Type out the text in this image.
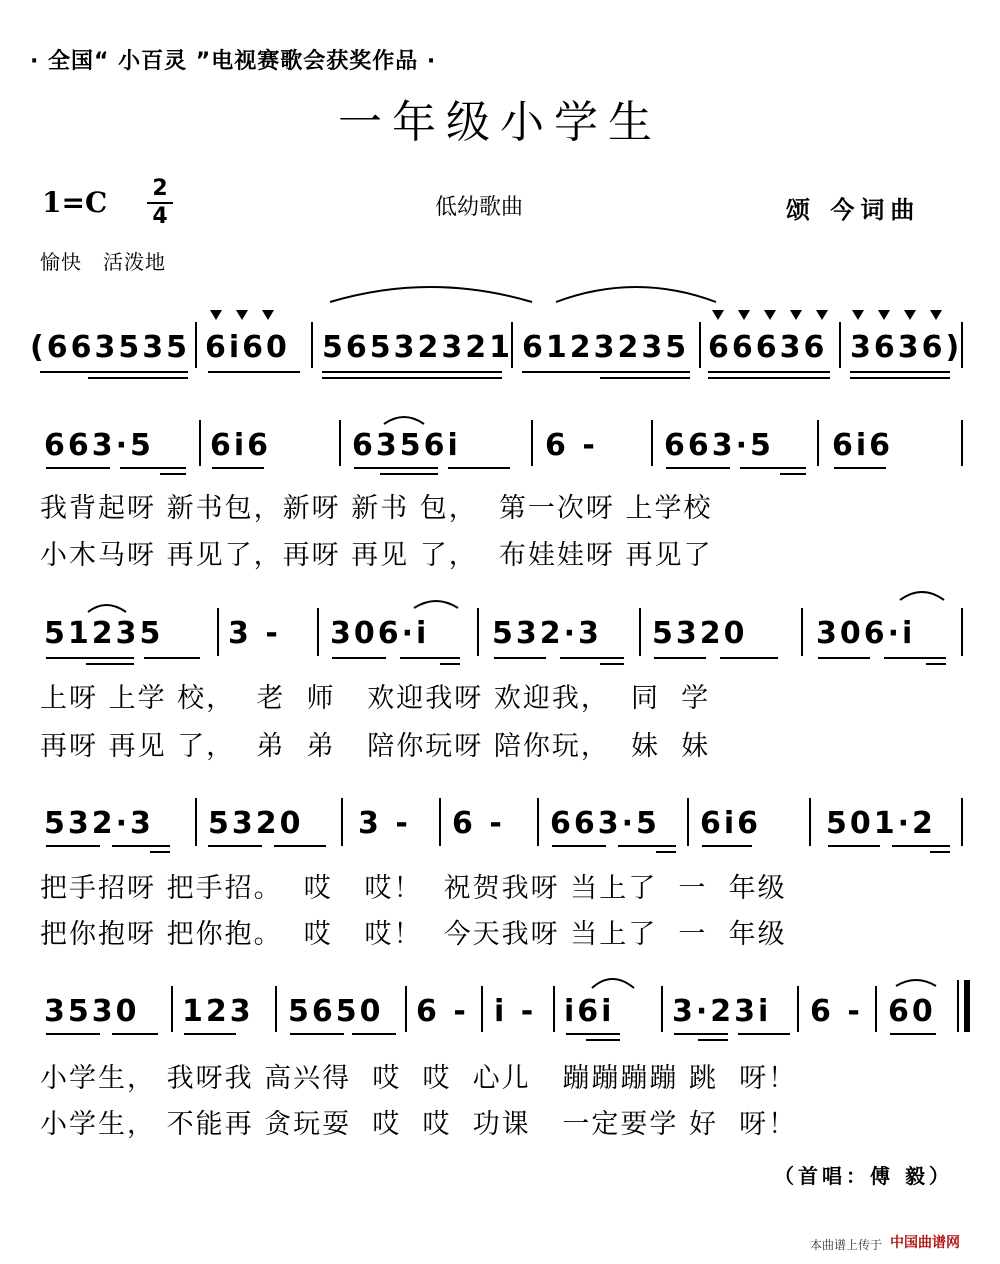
· 全国“ 小百灵 ”电视赛歌会获奖作品 ·
一年级小学生
1=C	2
4	低幼歌曲	颂 今词曲
愉快　活泼地
(663535 6i60 56532321 6123235 66636 3636)
663·5 6i6	6356i	6 - 663·5 6i6
我背起呀 新书包，新呀 新书 包，  第一次呀 上学校
小木马呀 再见了，再呀 再见 了，  布娃娃呀 再见了
51235 3 - 306·i 532·3 5320 306·i
上呀 上学 校，  老  师   欢迎我呀 欢迎我，  同  学
再呀 再见 了，  弟  弟   陪你玩呀 陪你玩，  妹  妹
532·3 5320 3 - 6 - 663·5 6i6 501·2
把手招呀 把手招。  哎   哎！  祝贺我呀 当上了  一  年级
把你抱呀 把你抱。  哎   哎！  今天我呀 当上了  一  年级
3530 123 5650 6 - i - i6i 3·23i 6 - 60
小学生， 我呀我 高兴得  哎  哎  心儿   蹦蹦蹦蹦 跳  呀！
小学生， 不能再 贪玩耍  哎  哎  功课   一定要学 好  呀！
（首唱：傅 毅）
本曲谱上传于 中国曲谱网
